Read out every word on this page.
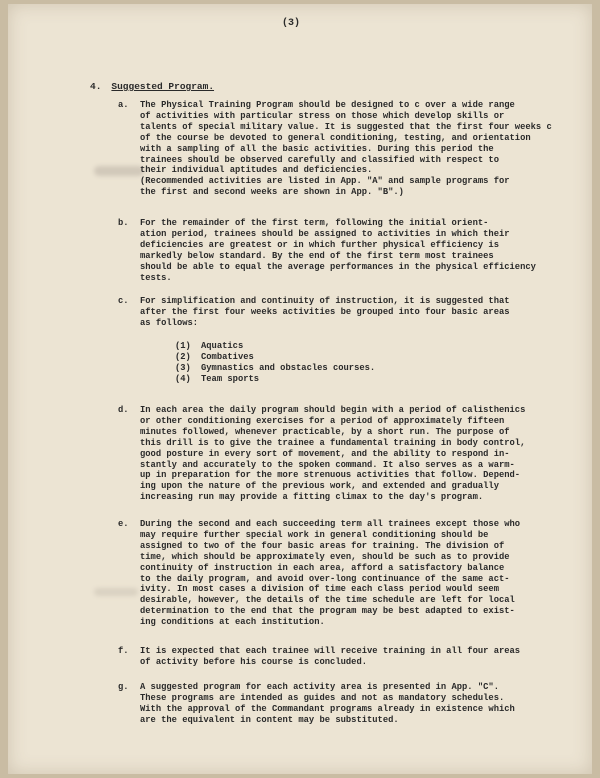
(3)
4. Suggested Program.
a. The Physical Training Program should be designed to c over a wide range
of activities with particular stress on those which develop skills or
talents of special military value. It is suggested that the first four weeks c
of the course be devoted to general conditioning, testing, and orientation
with a sampling of all the basic activities. During this period the
trainees should be observed carefully and classified with respect to
their individual aptitudes and deficiencies.
(Recommended activities are listed in App. "A" and sample programs for
the first and second weeks are shown in App. "B".)
b. For the remainder of the first term, following the initial orient-
ation period, trainees should be assigned to activities in which their
deficiencies are greatest or in which further physical efficiency is
markedly below standard. By the end of the first term most trainees
should be able to equal the average performances in the physical efficiency
tests.
c. For simplification and continuity of instruction, it is suggested that
after the first four weeks activities be grouped into four basic areas
as follows:
(1) Aquatics
(2) Combatives
(3) Gymnastics and obstacles courses.
(4) Team sports
d. In each area the daily program should begin with a period of calisthenics
or other conditioning exercises for a period of approximately fifteen
minutes followed, whenever practicable, by a short run. The purpose of
this drill is to give the trainee a fundamental training in body control,
good posture in every sort of movement, and the ability to respond in-
stantly and accurately to the spoken command. It also serves as a warm-
up in preparation for the more strenuous activities that follow. Depend-
ing upon the nature of the previous work, and extended and gradually
increasing run may provide a fitting climax to the day's program.
e. During the second and each succeeding term all trainees except those who
may require further special work in general conditioning should be
assigned to two of the four basic areas for training. The division of
time, which should be approximately even, should be such as to provide
continuity of instruction in each area, afford a satisfactory balance
to the daily program, and avoid over-long continuance of the same act-
ivity. In most cases a division of time each class period would seem
desirable, however, the details of the time schedule are left for local
determination to the end that the program may be best adapted to exist-
ing conditions at each institution.
f. It is expected that each trainee will receive training in all four areas
of activity before his course is concluded.
g. A suggested program for each activity area is presented in App. "C".
These programs are intended as guides and not as mandatory schedules.
With the approval of the Commandant programs already in existence which
are the equivalent in content may be substituted.
